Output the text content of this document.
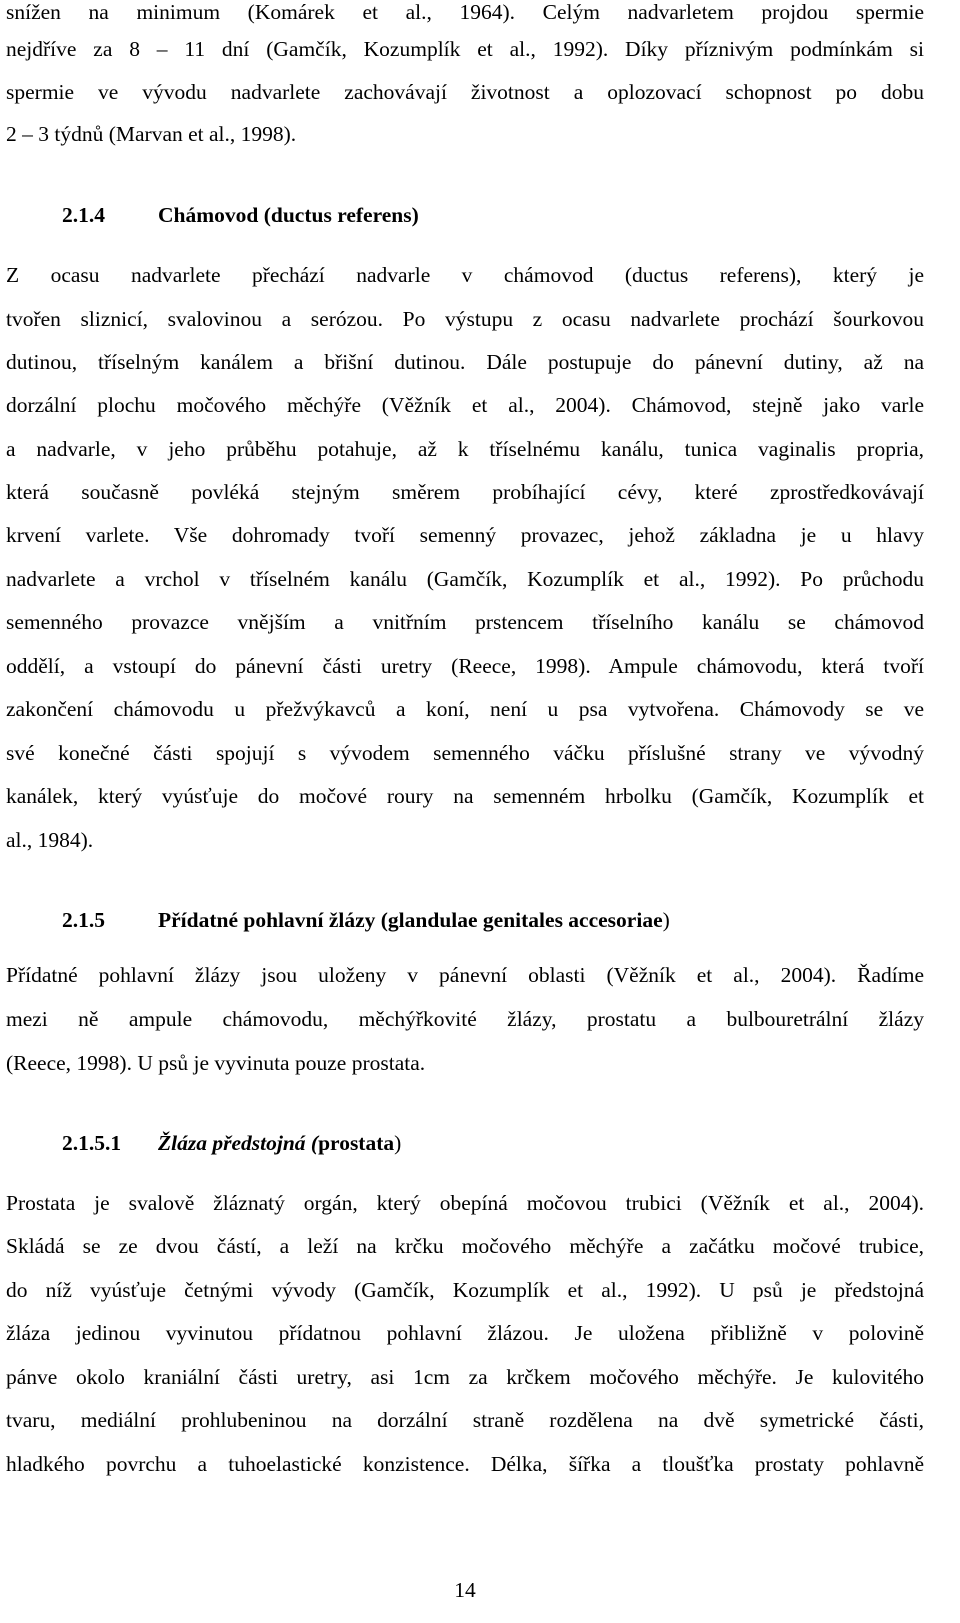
snížen na minimum (Komárek et al., 1964). Celým nadvarletem projdou spermie
nejdříve za 8 – 11 dní (Gamčík, Kozumplík et al., 1992). Díky příznivým podmínkám si
spermie ve vývodu nadvarlete zachovávají životnost a oplozovací schopnost po dobu
2 – 3 týdnů (Marvan et al., 1998).
2.1.4 Chámovod (ductus referens)
Z ocasu nadvarlete přechází nadvarle v chámovod (ductus referens), který je
tvořen sliznicí, svalovinou a serózou. Po výstupu z ocasu nadvarlete prochází šourkovou
dutinou, tříselným kanálem a břišní dutinou. Dále postupuje do pánevní dutiny, až na
dorzální plochu močového měchýře (Věžník et al., 2004). Chámovod, stejně jako varle
a nadvarle, v jeho průběhu potahuje, až k tříselnému kanálu, tunica vaginalis propria,
která současně povléká stejným směrem probíhající cévy, které zprostředkovávají
krvení varlete. Vše dohromady tvoří semenný provazec, jehož základna je u hlavy
nadvarlete a vrchol v tříselném kanálu (Gamčík, Kozumplík et al., 1992). Po průchodu
semenného provazce vnějším a vnitřním prstencem tříselního kanálu se chámovod
oddělí, a vstoupí do pánevní části uretry (Reece, 1998). Ampule chámovodu, která tvoří
zakončení chámovodu u přežvýkavců a koní, není u psa vytvořena. Chámovody se ve
své konečné části spojují s vývodem semenného váčku příslušné strany ve vývodný
kanálek, který vyúsťuje do močové roury na semenném hrbolku (Gamčík, Kozumplík et
al., 1984).
2.1.5 Přídatné pohlavní žlázy (glandulae genitales accesoriae)
Přídatné pohlavní žlázy jsou uloženy v pánevní oblasti (Věžník et al., 2004). Řadíme
mezi ně ampule chámovodu, měchýřkovité žlázy, prostatu a bulbouretrální žlázy
(Reece, 1998). U psů je vyvinuta pouze prostata.
2.1.5.1 Žláza předstojná (prostata)
Prostata je svalově žláznatý orgán, který obepíná močovou trubici (Věžník et al., 2004).
Skládá se ze dvou částí, a leží na krčku močového měchýře a začátku močové trubice,
do níž vyúsťuje četnými vývody (Gamčík, Kozumplík et al., 1992). U psů je předstojná
žláza jedinou vyvinutou přídatnou pohlavní žlázou. Je uložena přibližně v polovině
pánve okolo kraniální části uretry, asi 1cm za krčkem močového měchýře. Je kulovitého
tvaru, mediální prohlubeninou na dorzální straně rozdělena na dvě symetrické části,
hladkého povrchu a tuhoelastické konzistence. Délka, šířka a tloušťka prostaty pohlavně
14
